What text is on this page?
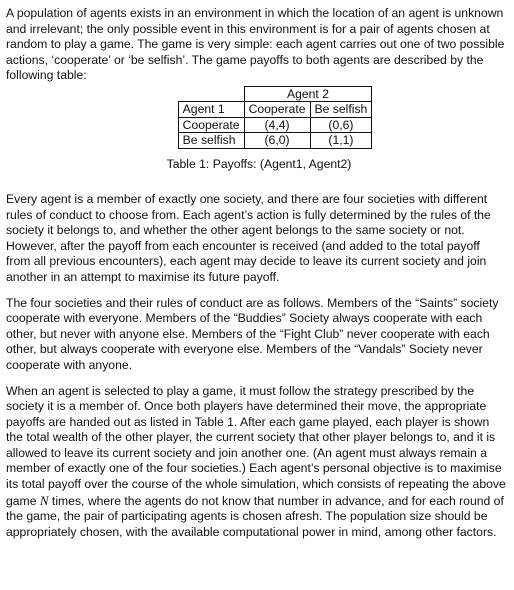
A population of agents exists in an environment in which the location of an agent is unknown and irrelevant; the only possible event in this environment is for a pair of agents chosen at random to play a game. The game is very simple: each agent carries out one of two possible actions, ‘cooperate’ or ‘be selfish’. The game payoffs to both agents are described by the following table:

	Agent 2	
Agent 1	Cooperate	Be selfish
Cooperate	(4,4)	(0,6)
Be selfish	(6,0)	(1,1)
Table 1: Payoffs: (Agent1, Agent2)

Every agent is a member of exactly one society, and there are four societies with different rules of conduct to choose from. Each agent’s action is fully determined by the rules of the society it belongs to, and whether the other agent belongs to the same society or not. However, after the payoff from each encounter is received (and added to the total payoff from all previous encounters), each agent may decide to leave its current society and join another in an attempt to maximise its future payoff.

The four societies and their rules of conduct are as follows. Members of the “Saints” society cooperate with everyone. Members of the “Buddies” Society always cooperate with each other, but never with anyone else. Members of the “Fight Club” never cooperate with each other, but always cooperate with everyone else. Members of the “Vandals” Society never cooperate with anyone.

When an agent is selected to play a game, it must follow the strategy prescribed by the society it is a member of. Once both players have determined their move, the appropriate payoffs are handed out as listed in Table 1. After each game played, each player is shown the total wealth of the other player, the current society that other player belongs to, and it is allowed to leave its current society and join another one. (An agent must always remain a member of exactly one of the four societies.) Each agent’s personal objective is to maximise its total payoff over the course of the whole simulation, which consists of repeating the above game N times, where the agents do not know that number in advance, and for each round of the game, the pair of participating agents is chosen afresh. The population size should be appropriately chosen, with the available computational power in mind, among other factors.
